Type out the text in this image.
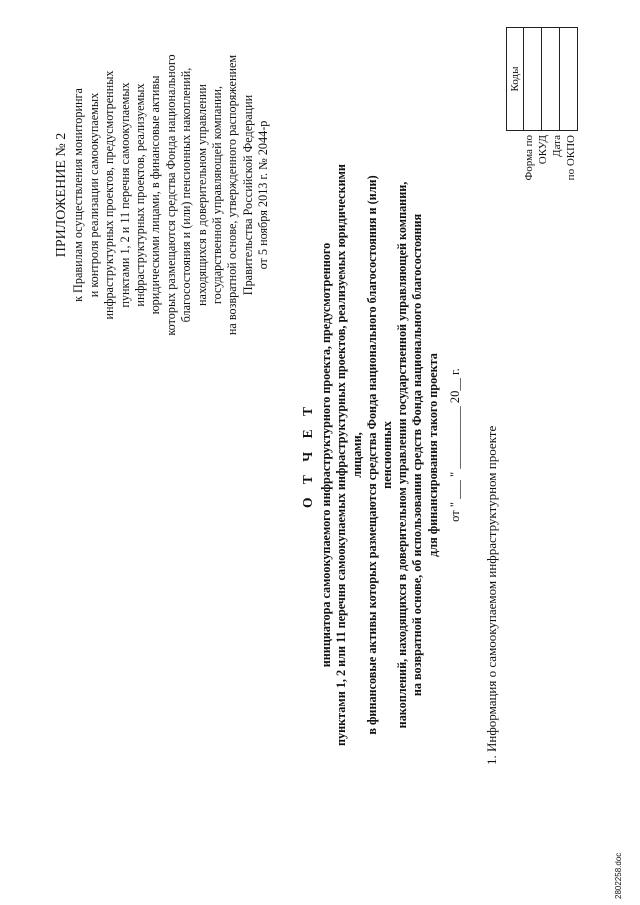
ПРИЛОЖЕНИЕ № 2 к Правилам осуществления мониторинга и контроля реализации самоокупаемых инфраструктурных проектов, предусмотренных пунктами 1, 2 и 11 перечня самоокупаемых инфраструктурных проектов, реализуемых юридическими лицами, в финансовые активы которых размещаются средства Фонда национального благосостояния и (или) пенсионных накоплений, находящихся в доверительном управлении государственной управляющей компании, на возвратной основе, утвержденного распоряжением Правительства Российской Федерации от 5 ноября 2013 г. № 2044-р
О Т Ч Е Т инициатора самоокупаемого инфраструктурного проекта, предусмотренного пунктами 1, 2 или 11 перечня самоокупаемых инфраструктурных проектов, реализуемых юридическими лицами, в финансовые активы которых размещаются средства Фонда национального благосостояния и (или) пенсионных накоплений, находящихся в доверительном управлении государственной управляющей компании, на возвратной основе, об использовании средств Фонда национального благосостояния для финансирования такого проекта от " ___ " __________ 20__ г. 1. Информация о самоокупаемом инфраструктурном проекте
Форма по ОКУД Дата по ОКПО
Коды
2802258.doc
